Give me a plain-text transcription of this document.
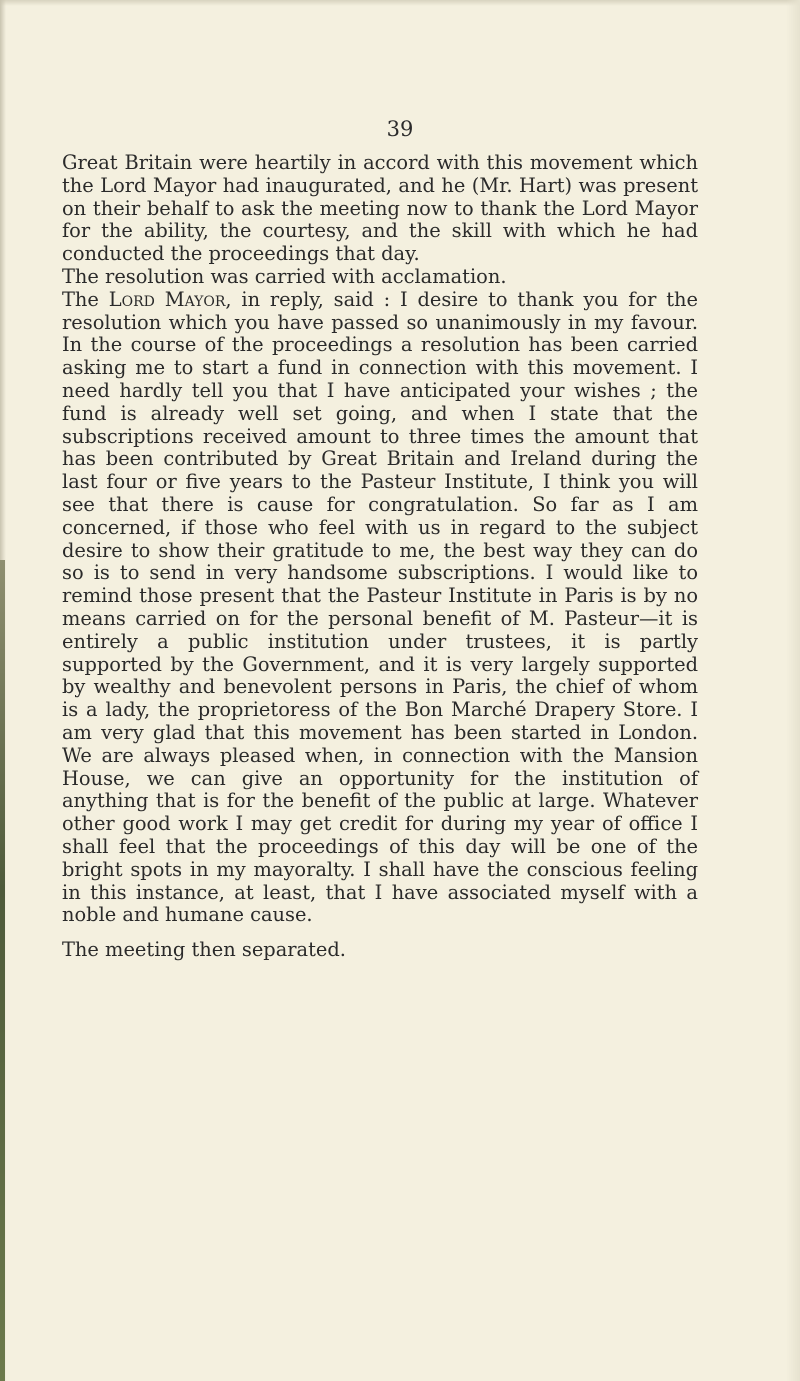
39

Great Britain were heartily in accord with this movement which the Lord Mayor had inaugurated, and he (Mr. Hart) was present on their behalf to ask the meeting now to thank the Lord Mayor for the ability, the courtesy, and the skill with which he had conducted the proceedings that day.

The resolution was carried with acclamation.

The Lord Mayor, in reply, said : I desire to thank you for the resolution which you have passed so unanimously in my favour. In the course of the proceedings a resolution has been carried asking me to start a fund in connection with this movement. I need hardly tell you that I have anticipated your wishes ; the fund is already well set going, and when I state that the subscriptions received amount to three times the amount that has been contributed by Great Britain and Ireland during the last four or five years to the Pasteur Institute, I think you will see that there is cause for congratulation. So far as I am concerned, if those who feel with us in regard to the subject desire to show their gratitude to me, the best way they can do so is to send in very handsome subscriptions. I would like to remind those present that the Pasteur Institute in Paris is by no means carried on for the personal benefit of M. Pasteur—it is entirely a public institution under trustees, it is partly supported by the Government, and it is very largely supported by wealthy and benevolent persons in Paris, the chief of whom is a lady, the proprietoress of the Bon Marché Drapery Store. I am very glad that this movement has been started in London. We are always pleased when, in connection with the Mansion House, we can give an opportunity for the institution of anything that is for the benefit of the public at large. Whatever other good work I may get credit for during my year of office I shall feel that the proceedings of this day will be one of the bright spots in my mayoralty. I shall have the conscious feeling in this instance, at least, that I have associated myself with a noble and humane cause.

The meeting then separated.
